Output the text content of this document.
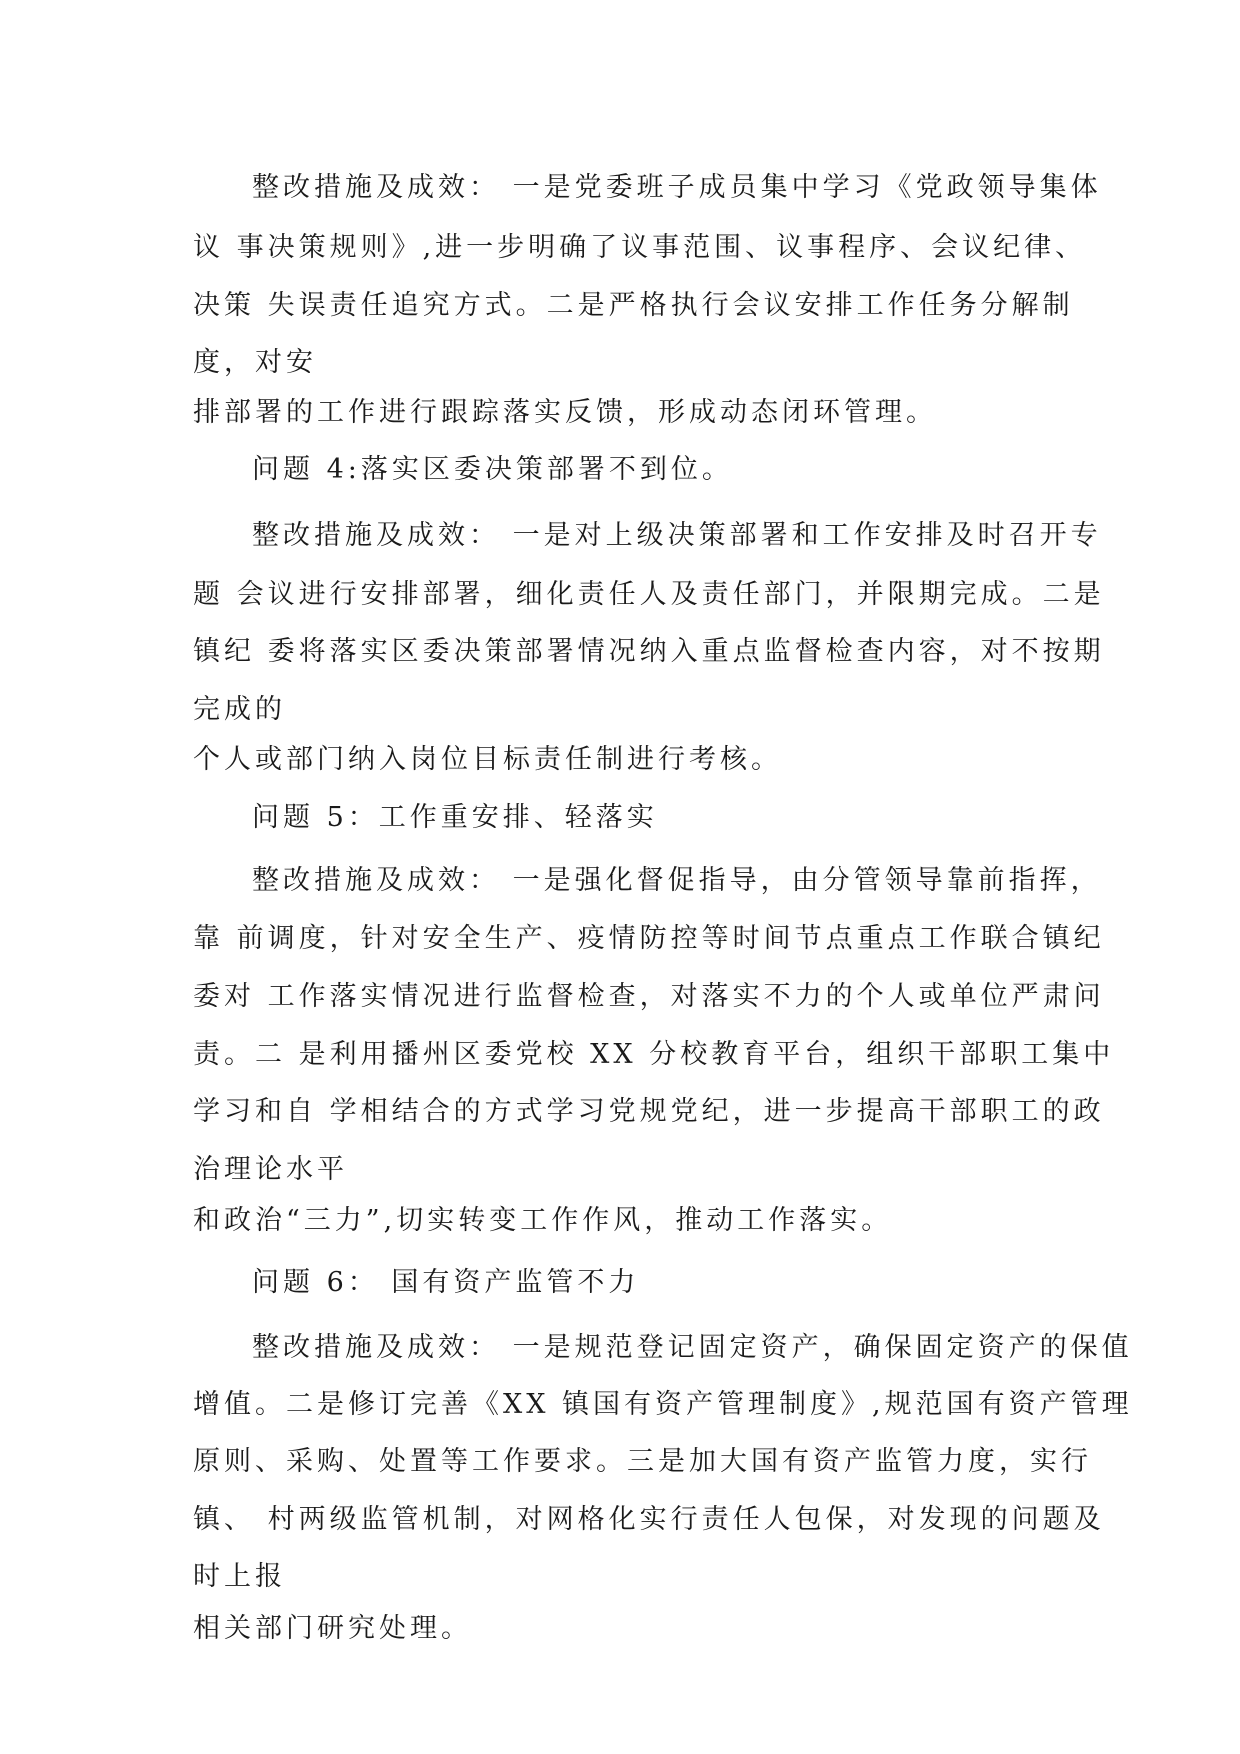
整改措施及成效： 一是党委班子成员集中学习《党政领导集体
议 事决策规则》,进一步明确了议事范围、议事程序、会议纪律、
决策 失误责任追究方式。二是严格执行会议安排工作任务分解制
度，对安
排部署的工作进行跟踪落实反馈，形成动态闭环管理。
问题 4:落实区委决策部署不到位。
整改措施及成效： 一是对上级决策部署和工作安排及时召开专
题 会议进行安排部署，细化责任人及责任部门，并限期完成。二是
镇纪 委将落实区委决策部署情况纳入重点监督检查内容，对不按期
完成的
个人或部门纳入岗位目标责任制进行考核。
问题 5：工作重安排、轻落实
整改措施及成效： 一是强化督促指导，由分管领导靠前指挥，
靠 前调度，针对安全生产、疫情防控等时间节点重点工作联合镇纪
委对 工作落实情况进行监督检查，对落实不力的个人或单位严肃问
责。二 是利用播州区委党校 XX 分校教育平台，组织干部职工集中
学习和自 学相结合的方式学习党规党纪，进一步提高干部职工的政
治理论水平
和政治“三力”,切实转变工作作风，推动工作落实。
问题 6： 国有资产监管不力
整改措施及成效： 一是规范登记固定资产，确保固定资产的保值
增值。二是修订完善《XX 镇国有资产管理制度》,规范国有资产管理
原则、采购、处置等工作要求。三是加大国有资产监管力度，实行
镇、 村两级监管机制，对网格化实行责任人包保，对发现的问题及
时上报
相关部门研究处理。
